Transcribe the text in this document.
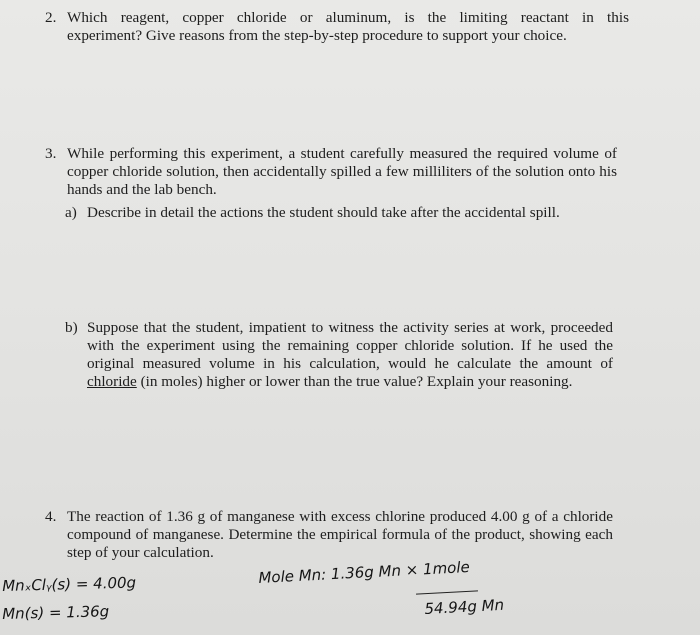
2. Which reagent, copper chloride or aluminum, is the limiting reactant in this
experiment? Give reasons from the step-by-step procedure to support your choice.
3. While performing this experiment, a student carefully measured the required volume of copper chloride solution, then accidentally spilled a few milliliters of the solution onto his hands and the lab bench.
a) Describe in detail the actions the student should take after the accidental spill.
b) Suppose that the student, impatient to witness the activity series at work, proceeded with the experiment using the remaining copper chloride solution. If he used the original measured volume in his calculation, would he calculate the amount of chloride (in moles) higher or lower than the true value? Explain your reasoning.
4. The reaction of 1.36 g of manganese with excess chlorine produced 4.00 g of a chloride compound of manganese. Determine the empirical formula of the product, showing each step of your calculation.
MnₓClᵧ(s) = 4.00g
Mn(s) = 1.36g
Mole Mn: 1.36g Mn × 1mole
54.94g Mn
